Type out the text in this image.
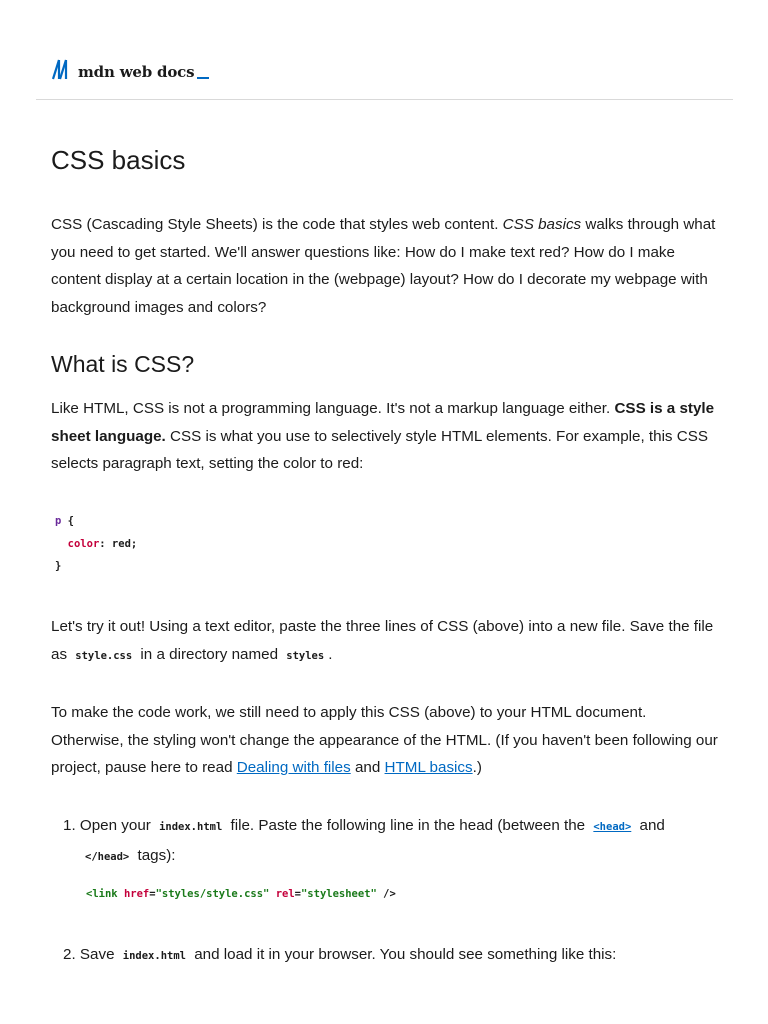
mdn web docs
CSS basics

CSS (Cascading Style Sheets) is the code that styles web content. CSS basics walks through what you need to get started. We'll answer questions like: How do I make text red? How do I make content display at a certain location in the (webpage) layout? How do I decorate my webpage with background images and colors?

What is CSS?

Like HTML, CSS is not a programming language. It's not a markup language either. CSS is a style sheet language. CSS is what you use to selectively style HTML elements. For example, this CSS selects paragraph text, setting the color to red:

p {
color: red;
}

Let's try it out! Using a text editor, paste the three lines of CSS (above) into a new file. Save the file as style.css in a directory named styles .

To make the code work, we still need to apply this CSS (above) to your HTML document. Otherwise, the styling won't change the appearance of the HTML. (If you haven't been following our project, pause here to read Dealing with files and HTML basics.)

1. Open your index.html file. Paste the following line in the head (between the <head> and
</head> tags):
<link href="styles/style.css" rel="stylesheet" />
2. Save index.html and load it in your browser. You should see something like this:
